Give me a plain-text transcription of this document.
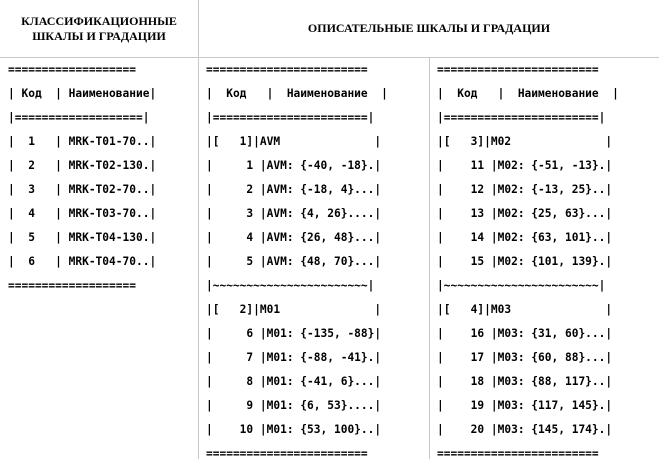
КЛАССИФИКАЦИОННЫЕ
ШКАЛЫ И ГРАДАЦИИ
ОПИСАТЕЛЬНЫЕ ШКАЛЫ И ГРАДАЦИИ
===================
| Код  | Наименование|
|===================|
|  1   | MRK-T01-70..|
|  2   | MRK-T02-130.|
|  3   | MRK-T02-70..|
|  4   | MRK-T03-70..|
|  5   | MRK-T04-130.|
|  6   | MRK-T04-70..|
===================
========================
|  Код   |  Наименование  |
|=======================|
|[   1]|AVM              |
|     1 |AVM: {-40, -18}.|
|     2 |AVM: {-18, 4}...|
|     3 |AVM: {4, 26}....|
|     4 |AVM: {26, 48}...|
|     5 |AVM: {48, 70}...|
|~~~~~~~~~~~~~~~~~~~~~~~|
|[   2]|M01              |
|     6 |M01: {-135, -88}|
|     7 |M01: {-88, -41}.|
|     8 |M01: {-41, 6}...|
|     9 |M01: {6, 53}....|
|    10 |M01: {53, 100}..|
========================
========================
|  Код   |  Наименование  |
|=======================|
|[   3]|M02              |
|    11 |M02: {-51, -13}.|
|    12 |M02: {-13, 25}..|
|    13 |M02: {25, 63}...|
|    14 |M02: {63, 101}..|
|    15 |M02: {101, 139}.|
|~~~~~~~~~~~~~~~~~~~~~~~|
|[   4]|M03              |
|    16 |M03: {31, 60}...|
|    17 |M03: {60, 88}...|
|    18 |M03: {88, 117}..|
|    19 |M03: {117, 145}.|
|    20 |M03: {145, 174}.|
========================
